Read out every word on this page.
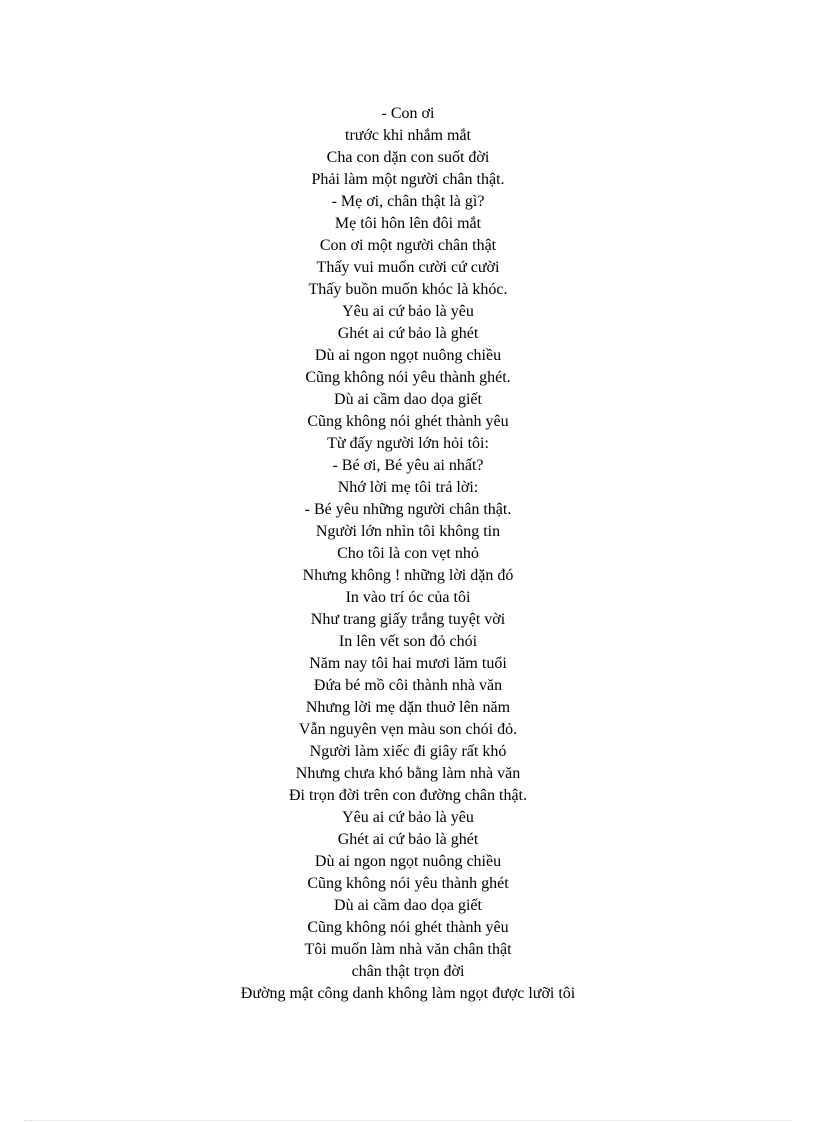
- Con ơi
trước khi nhắm mắt
Cha con dặn con suốt đời
Phải làm một người chân thật.
- Mẹ ơi, chân thật là gì?
Mẹ tôi hôn lên đôi mắt
Con ơi một người chân thật
Thấy vui muốn cười cứ cười
Thấy buồn muốn khóc là khóc.
Yêu ai cứ bảo là yêu
Ghét ai cứ bảo là ghét
Dù ai ngon ngọt nuông chiều
Cũng không nói yêu thành ghét.
Dù ai cầm dao dọa giết
Cũng không nói ghét thành yêu
Từ đấy người lớn hỏi tôi:
- Bé ơi, Bé yêu ai nhất?
Nhớ lời mẹ tôi trả lời:
- Bé yêu những người chân thật.
Người lớn nhìn tôi không tin
Cho tôi là con vẹt nhỏ
Nhưng không ! những lời dặn đó
In vào trí óc của tôi
Như trang giấy trắng tuyệt vời
In lên vết son đỏ chói
Năm nay tôi hai mươi lăm tuổi
Đứa bé mồ côi thành nhà văn
Nhưng lời mẹ dặn thuở lên năm
Vẫn nguyên vẹn màu son chói đỏ.
Người làm xiếc đi giây rất khó
Nhưng chưa khó bằng làm nhà văn
Đi trọn đời trên con đường chân thật.
Yêu ai cứ bảo là yêu
Ghét ai cứ bảo là ghét
Dù ai ngon ngọt nuông chiều
Cũng không nói yêu thành ghét
Dù ai cầm dao dọa giết
Cũng không nói ghét thành yêu
Tôi muốn làm nhà văn chân thật
chân thật trọn đời
Đường mật công danh không làm ngọt được lưỡi tôi
